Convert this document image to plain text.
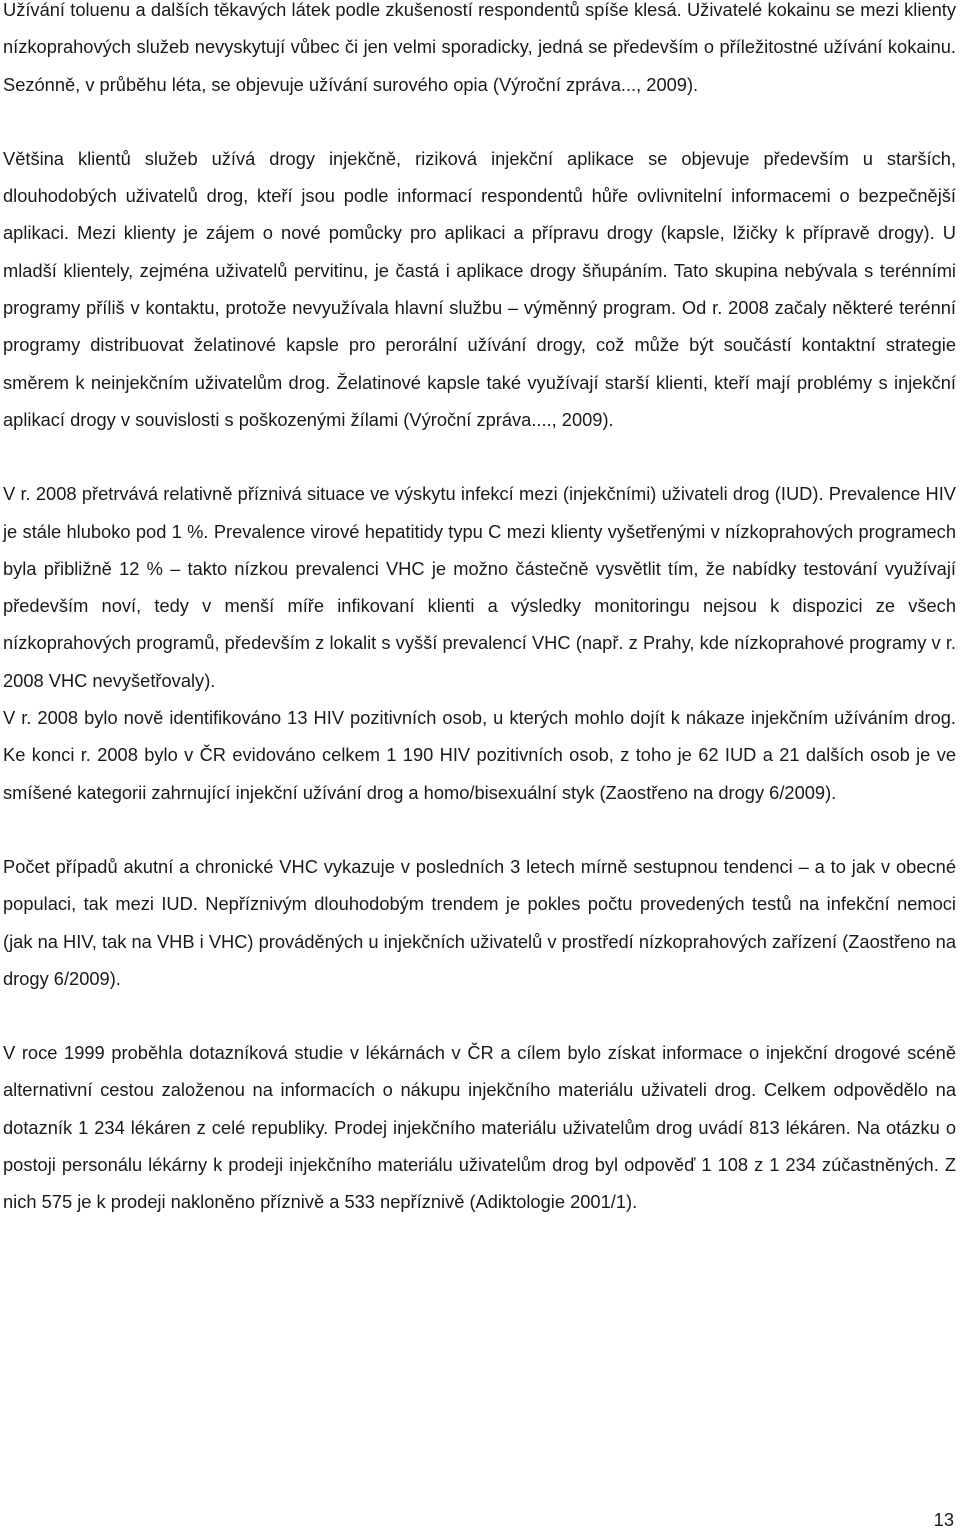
Užívání toluenu a dalších těkavých látek podle zkušeností respondentů spíše klesá. Uživatelé kokainu se mezi klienty nízkoprahových služeb nevyskytují vůbec či jen velmi sporadicky, jedná se především o příležitostné užívání kokainu. Sezónně, v průběhu léta, se objevuje užívání surového opia (Výroční zpráva..., 2009).

Většina klientů služeb užívá drogy injekčně, riziková injekční aplikace se objevuje především u starších, dlouhodobých uživatelů drog, kteří jsou podle informací respondentů hůře ovlivnitelní informacemi o bezpečnější aplikaci. Mezi klienty je zájem o nové pomůcky pro aplikaci a přípravu drogy (kapsle, lžičky k přípravě drogy). U mladší klientely, zejména uživatelů pervitinu, je častá i aplikace drogy šňupáním. Tato skupina nebývala s terénními programy příliš v kontaktu, protože nevyužívala hlavní službu – výměnný program. Od r. 2008 začaly některé terénní programy distribuovat želatinové kapsle pro perorální užívání drogy, což může být součástí kontaktní strategie směrem k neinjekčním uživatelům drog. Želatinové kapsle také využívají starší klienti, kteří mají problémy s injekční aplikací drogy v souvislosti s poškozenými žílami (Výroční zpráva...., 2009).

V r. 2008 přetrvává relativně příznivá situace ve výskytu infekcí mezi (injekčními) uživateli drog (IUD). Prevalence HIV je stále hluboko pod 1 %. Prevalence virové hepatitidy typu C mezi klienty vyšetřenými v nízkoprahových programech byla přibližně 12 % – takto nízkou prevalenci VHC je možno částečně vysvětlit tím, že nabídky testování využívají především noví, tedy v menší míře infikovaní klienti a výsledky monitoringu nejsou k dispozici ze všech nízkoprahových programů, především z lokalit s vyšší prevalencí VHC (např. z Prahy, kde nízkoprahové programy v r. 2008 VHC nevyšetřovaly).

V r. 2008 bylo nově identifikováno 13 HIV pozitivních osob, u kterých mohlo dojít k nákaze injekčním užíváním drog. Ke konci r. 2008 bylo v ČR evidováno celkem 1 190 HIV pozitivních osob, z toho je 62 IUD a 21 dalších osob je ve smíšené kategorii zahrnující injekční užívání drog a homo/bisexuální styk (Zaostřeno na drogy 6/2009).

Počet případů akutní a chronické VHC vykazuje v posledních 3 letech mírně sestupnou tendenci – a to jak v obecné populaci, tak mezi IUD. Nepříznivým dlouhodobým trendem je pokles počtu provedených testů na infekční nemoci (jak na HIV, tak na VHB i VHC) prováděných u injekčních uživatelů v prostředí nízkoprahových zařízení (Zaostřeno na drogy 6/2009).

V roce 1999 proběhla dotazníková studie v lékárnách v ČR a cílem bylo získat informace o injekční drogové scéně alternativní cestou založenou na informacích o nákupu injekčního materiálu uživateli drog. Celkem odpovědělo na dotazník 1 234 lékáren z celé republiky. Prodej injekčního materiálu uživatelům drog uvádí 813 lékáren. Na otázku o postoji personálu lékárny k prodeji injekčního materiálu uživatelům drog byl odpověď 1 108 z 1 234 zúčastněných. Z nich 575 je k prodeji nakloněno příznivě a 533 nepříznivě (Adiktologie 2001/1).

13
